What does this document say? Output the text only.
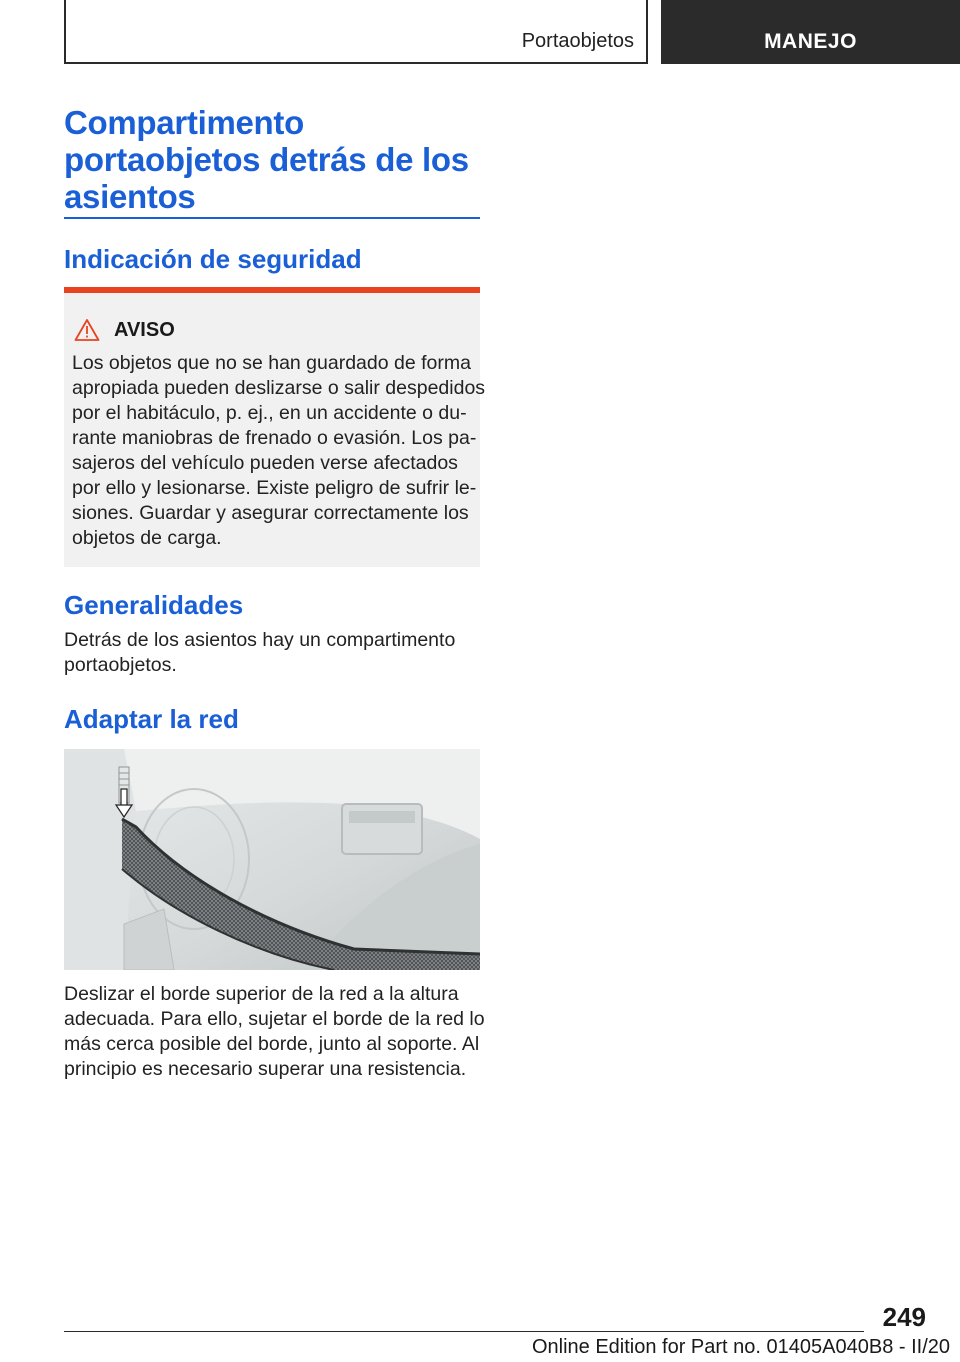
Portaobjetos	MANEJO
Compartimento
portaobjetos detrás de los
asientos
Indicación de seguridad
AVISO
Los objetos que no se han guardado de forma
apropiada pueden deslizarse o salir despedidos
por el habitáculo, p. ej., en un accidente o du‐
rante maniobras de frenado o evasión. Los pa‐
sajeros del vehículo pueden verse afectados
por ello y lesionarse. Existe peligro de sufrir le‐
siones. Guardar y asegurar correctamente los
objetos de carga.
Generalidades
Detrás de los asientos hay un compartimento
portaobjetos.
Adaptar la red
Deslizar el borde superior de la red a la altura
adecuada. Para ello, sujetar el borde de la red lo
más cerca posible del borde, junto al soporte. Al
principio es necesario superar una resistencia.
249
Online Edition for Part no. 01405A040B8 - II/20
